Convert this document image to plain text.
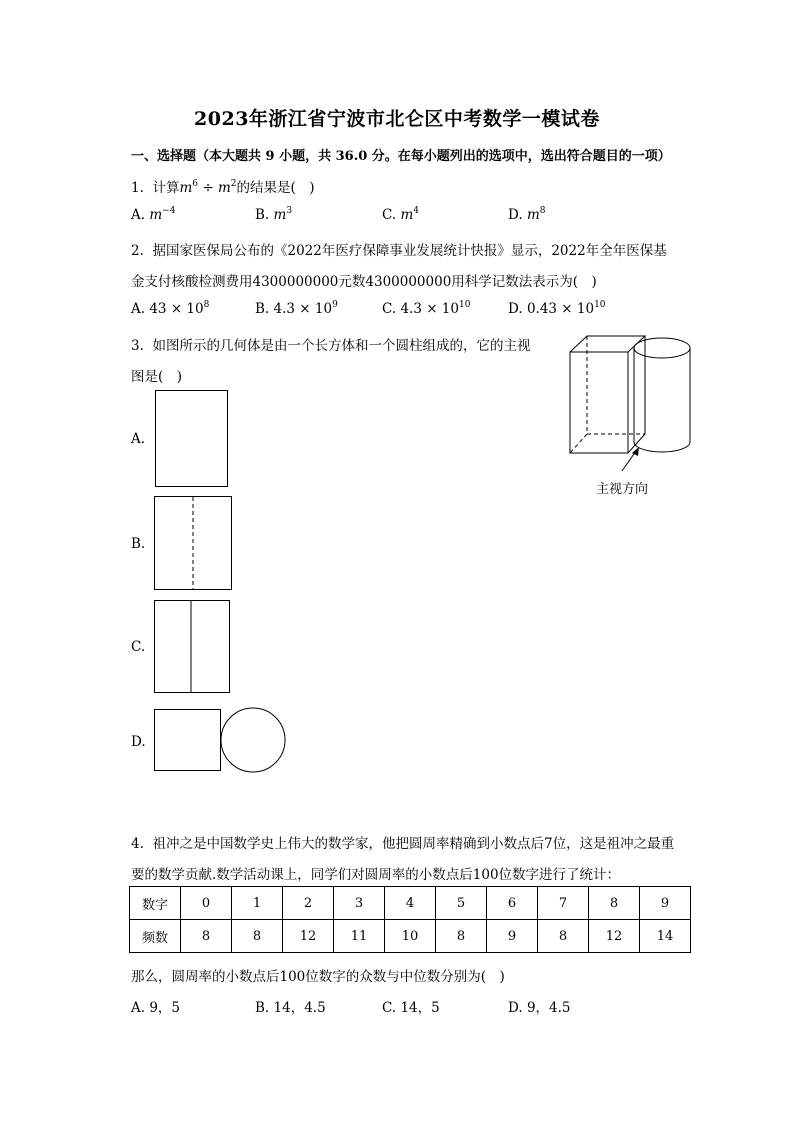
2023年浙江省宁波市北仑区中考数学一模试卷
一、选择题（本大题共 9 小题，共 36.0 分。在每小题列出的选项中，选出符合题目的一项）
1. 计算$m^6 \div m^2$的结果是(　)
A. $m^{-4}$	B. $m^3$	C. $m^4$	D. $m^8$
2. 据国家医保局公布的《2022年医疗保障事业发展统计快报》显示，2022年全年医保基
金支付核酸检测费用4300000000元数4300000000用科学记数法表示为(　)
A. $43 \times 10^8$	B. $4.3 \times 10^9$	C. $4.3 \times 10^{10}$	D. $0.43 \times 10^{10}$
3. 如图所示的几何体是由一个长方体和一个圆柱组成的，它的主视
图是(　)
主视方向
A.
B.
C.
D.
4. 祖冲之是中国数学史上伟大的数学家，他把圆周率精确到小数点后7位，这是祖冲之最重
要的数学贡献.数学活动课上，同学们对圆周率的小数点后100位数字进行了统计：
数字	0	1	2	3	4	5	6	7	8	9
频数	8	8	12	11	10	8	9	8	12	14
那么，圆周率的小数点后100位数字的众数与中位数分别为(　)
A. 9，5	B. 14，4.5	C. 14，5	D. 9，4.5
